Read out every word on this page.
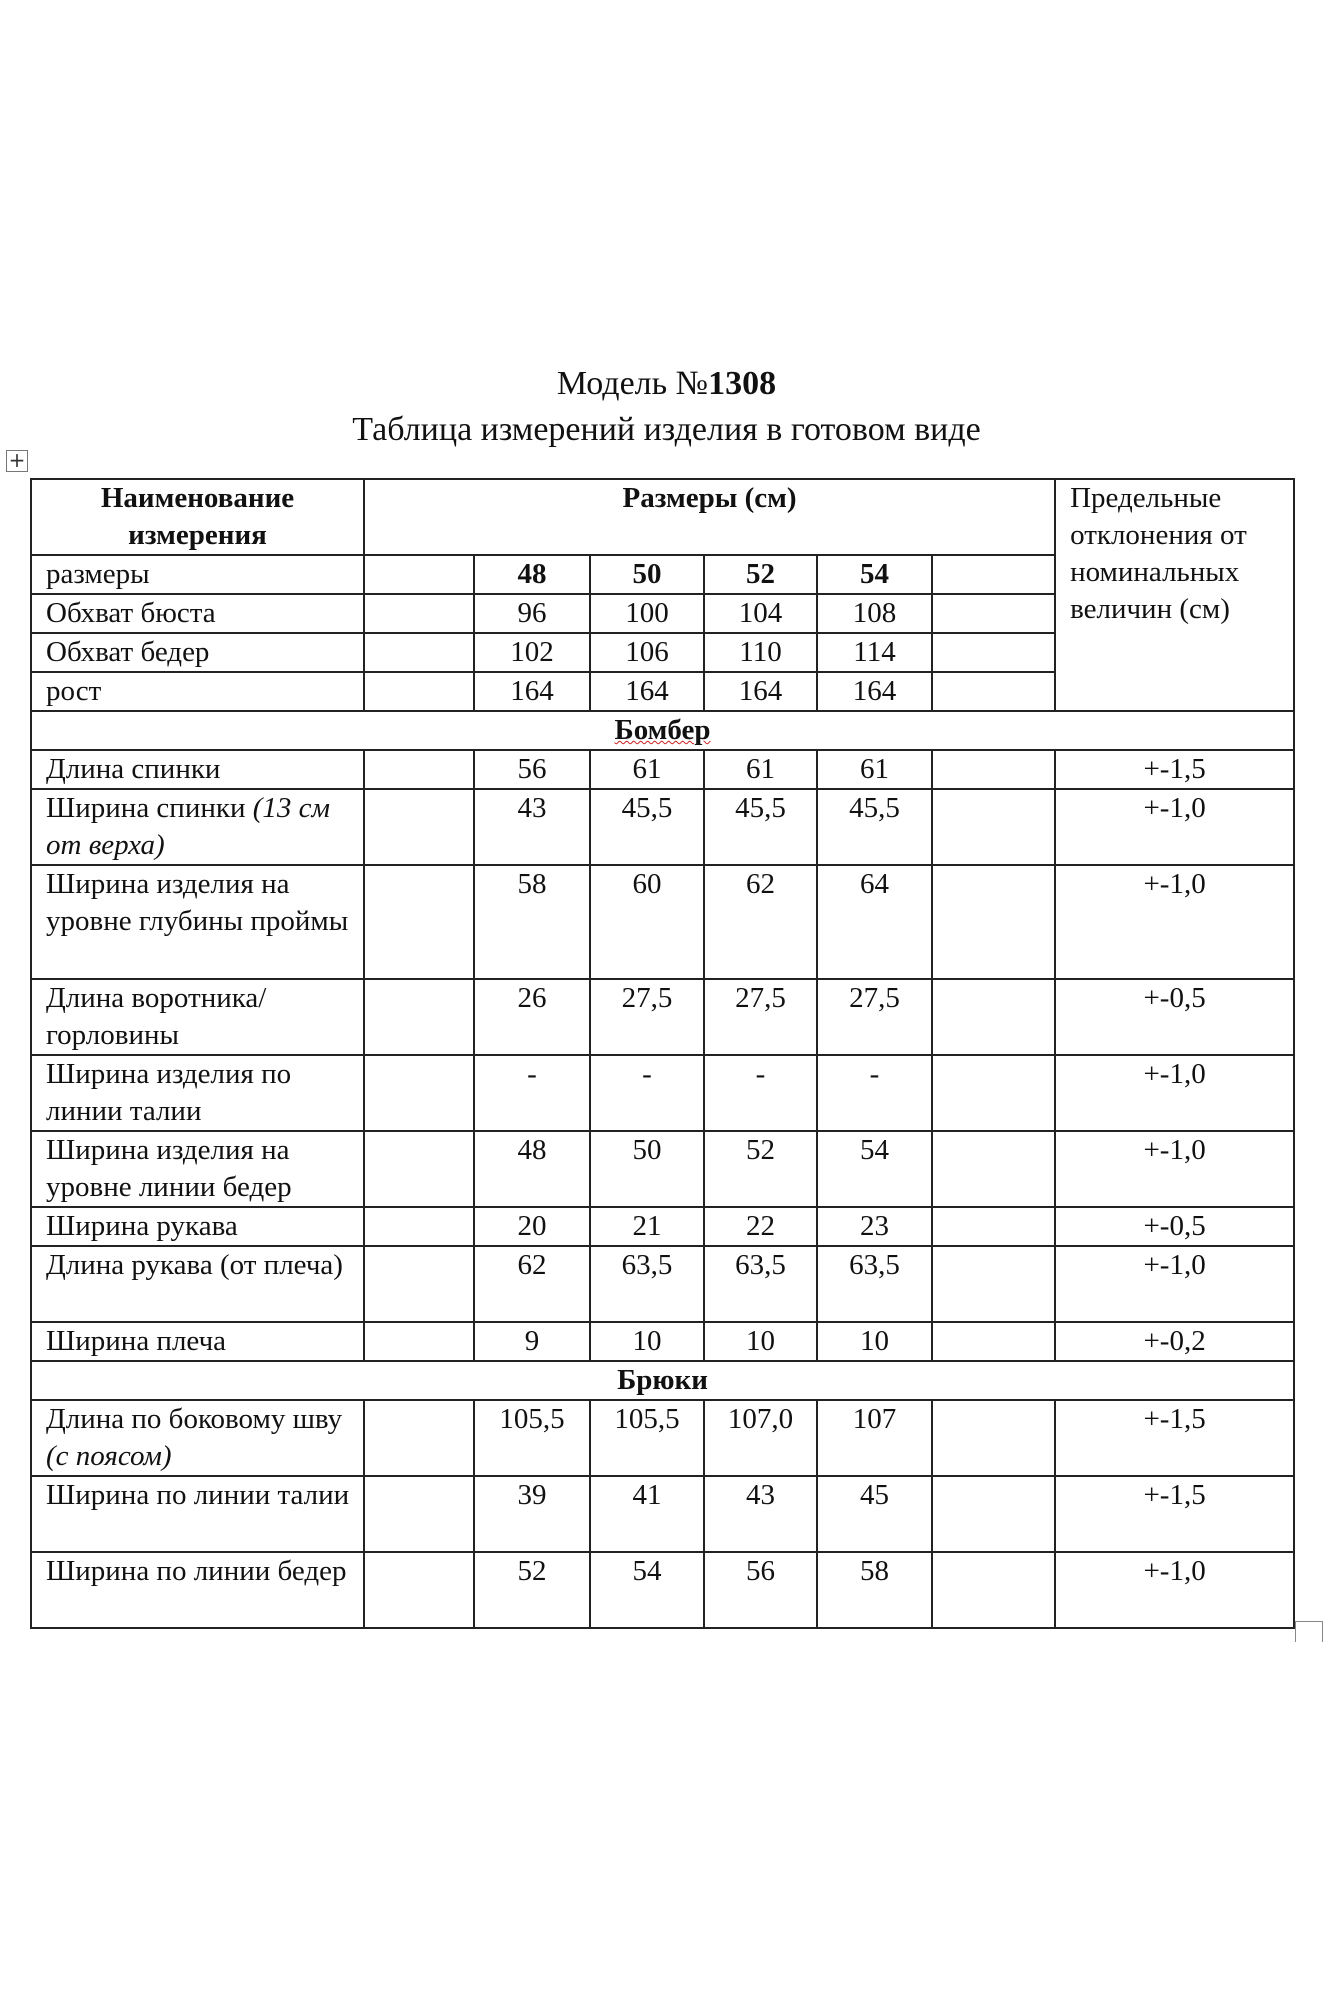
Модель №1308
Таблица измерений изделия в готовом виде
+
Наименование измерения	Размеры (см)						Предельные отклонения от номинальных величин (см)
размеры		48	50	52	54		
Обхват бюста		96	100	104	108		
Обхват бедер		102	106	110	114		
рост		164	164	164	164		
Бомбер							
Длина спинки		56	61	61	61		+-1,5
Ширина спинки (13 см от верха)		43	45,5	45,5	45,5		+-1,0
Ширина изделия на уровне глубины проймы		58	60	62	64		+-1,0
Длина воротника/горловины		26	27,5	27,5	27,5		+-0,5
Ширина изделия по линии талии		-	-	-	-		+-1,0
Ширина изделия на уровне линии бедер		48	50	52	54		+-1,0
Ширина рукава		20	21	22	23		+-0,5
Длина рукава (от плеча)		62	63,5	63,5	63,5		+-1,0
Ширина плеча		9	10	10	10		+-0,2
Брюки							
Длина по боковому шву (с поясом)		105,5	105,5	107,0	107		+-1,5
Ширина по линии талии		39	41	43	45		+-1,5
Ширина по линии бедер		52	54	56	58		+-1,0
